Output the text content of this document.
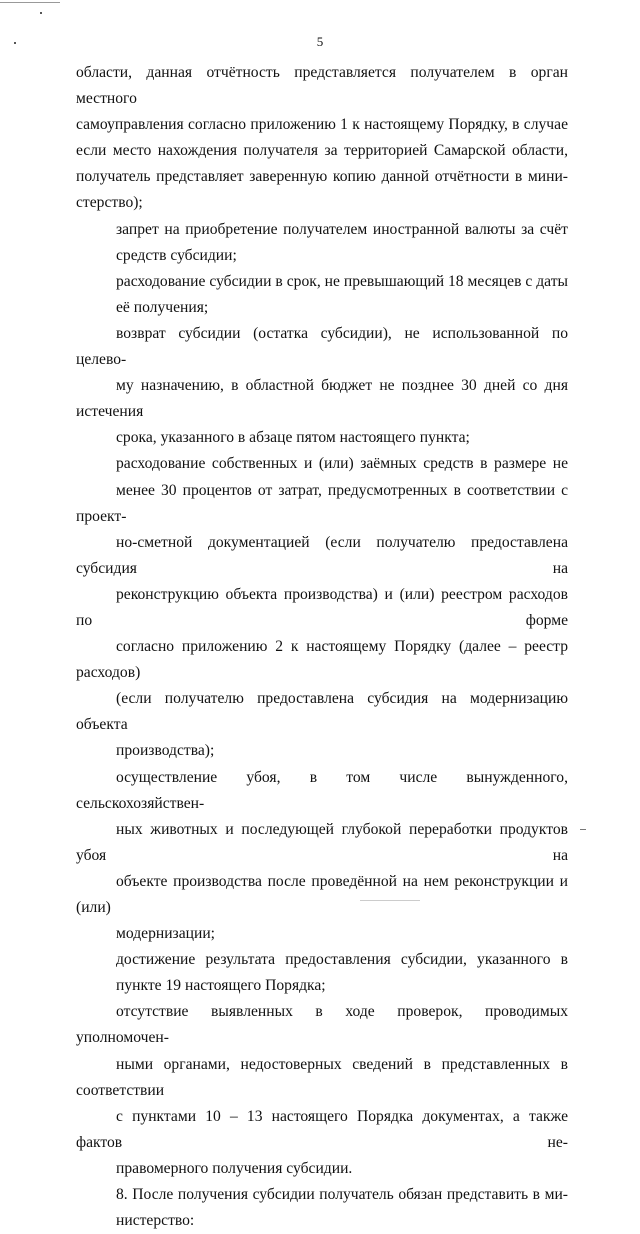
5

области, данная отчётность представляется получателем в орган местного
самоуправления согласно приложению 1 к настоящему Порядку, в случае
если место нахождения получателя за территорией Самарской области,
получатель представляет заверенную копию данной отчётности в мини-
стерство);

запрет на приобретение получателем иностранной валюты за счёт
средств субсидии;

расходование субсидии в срок, не превышающий 18 месяцев с даты
её получения;

возврат субсидии (остатка субсидии), не использованной по целево-
му назначению, в областной бюджет не позднее 30 дней со дня истечения
срока, указанного в абзаце пятом настоящего пункта;

расходование собственных и (или) заёмных средств в размере не
менее 30 процентов от затрат, предусмотренных в соответствии с проект-
но-сметной документацией (если получателю предоставлена субсидия на
реконструкцию объекта производства) и (или) реестром расходов по форме
согласно приложению 2 к настоящему Порядку (далее – реестр расходов)
(если получателю предоставлена субсидия на модернизацию объекта
производства);

осуществление убоя, в том числе вынужденного, сельскохозяйствен-
ных животных и последующей глубокой переработки продуктов убоя на
объекте производства после проведённой на нем реконструкции и (или)
модернизации;

достижение результата предоставления субсидии, указанного в
пункте 19 настоящего Порядка;

отсутствие выявленных в ходе проверок, проводимых уполномочен-
ными органами, недостоверных сведений в представленных в соответствии
с пунктами 10 – 13 настоящего Порядка документах, а также фактов не-
правомерного получения субсидии.

8. После получения субсидии получатель обязан представить в ми-
нистерство:
